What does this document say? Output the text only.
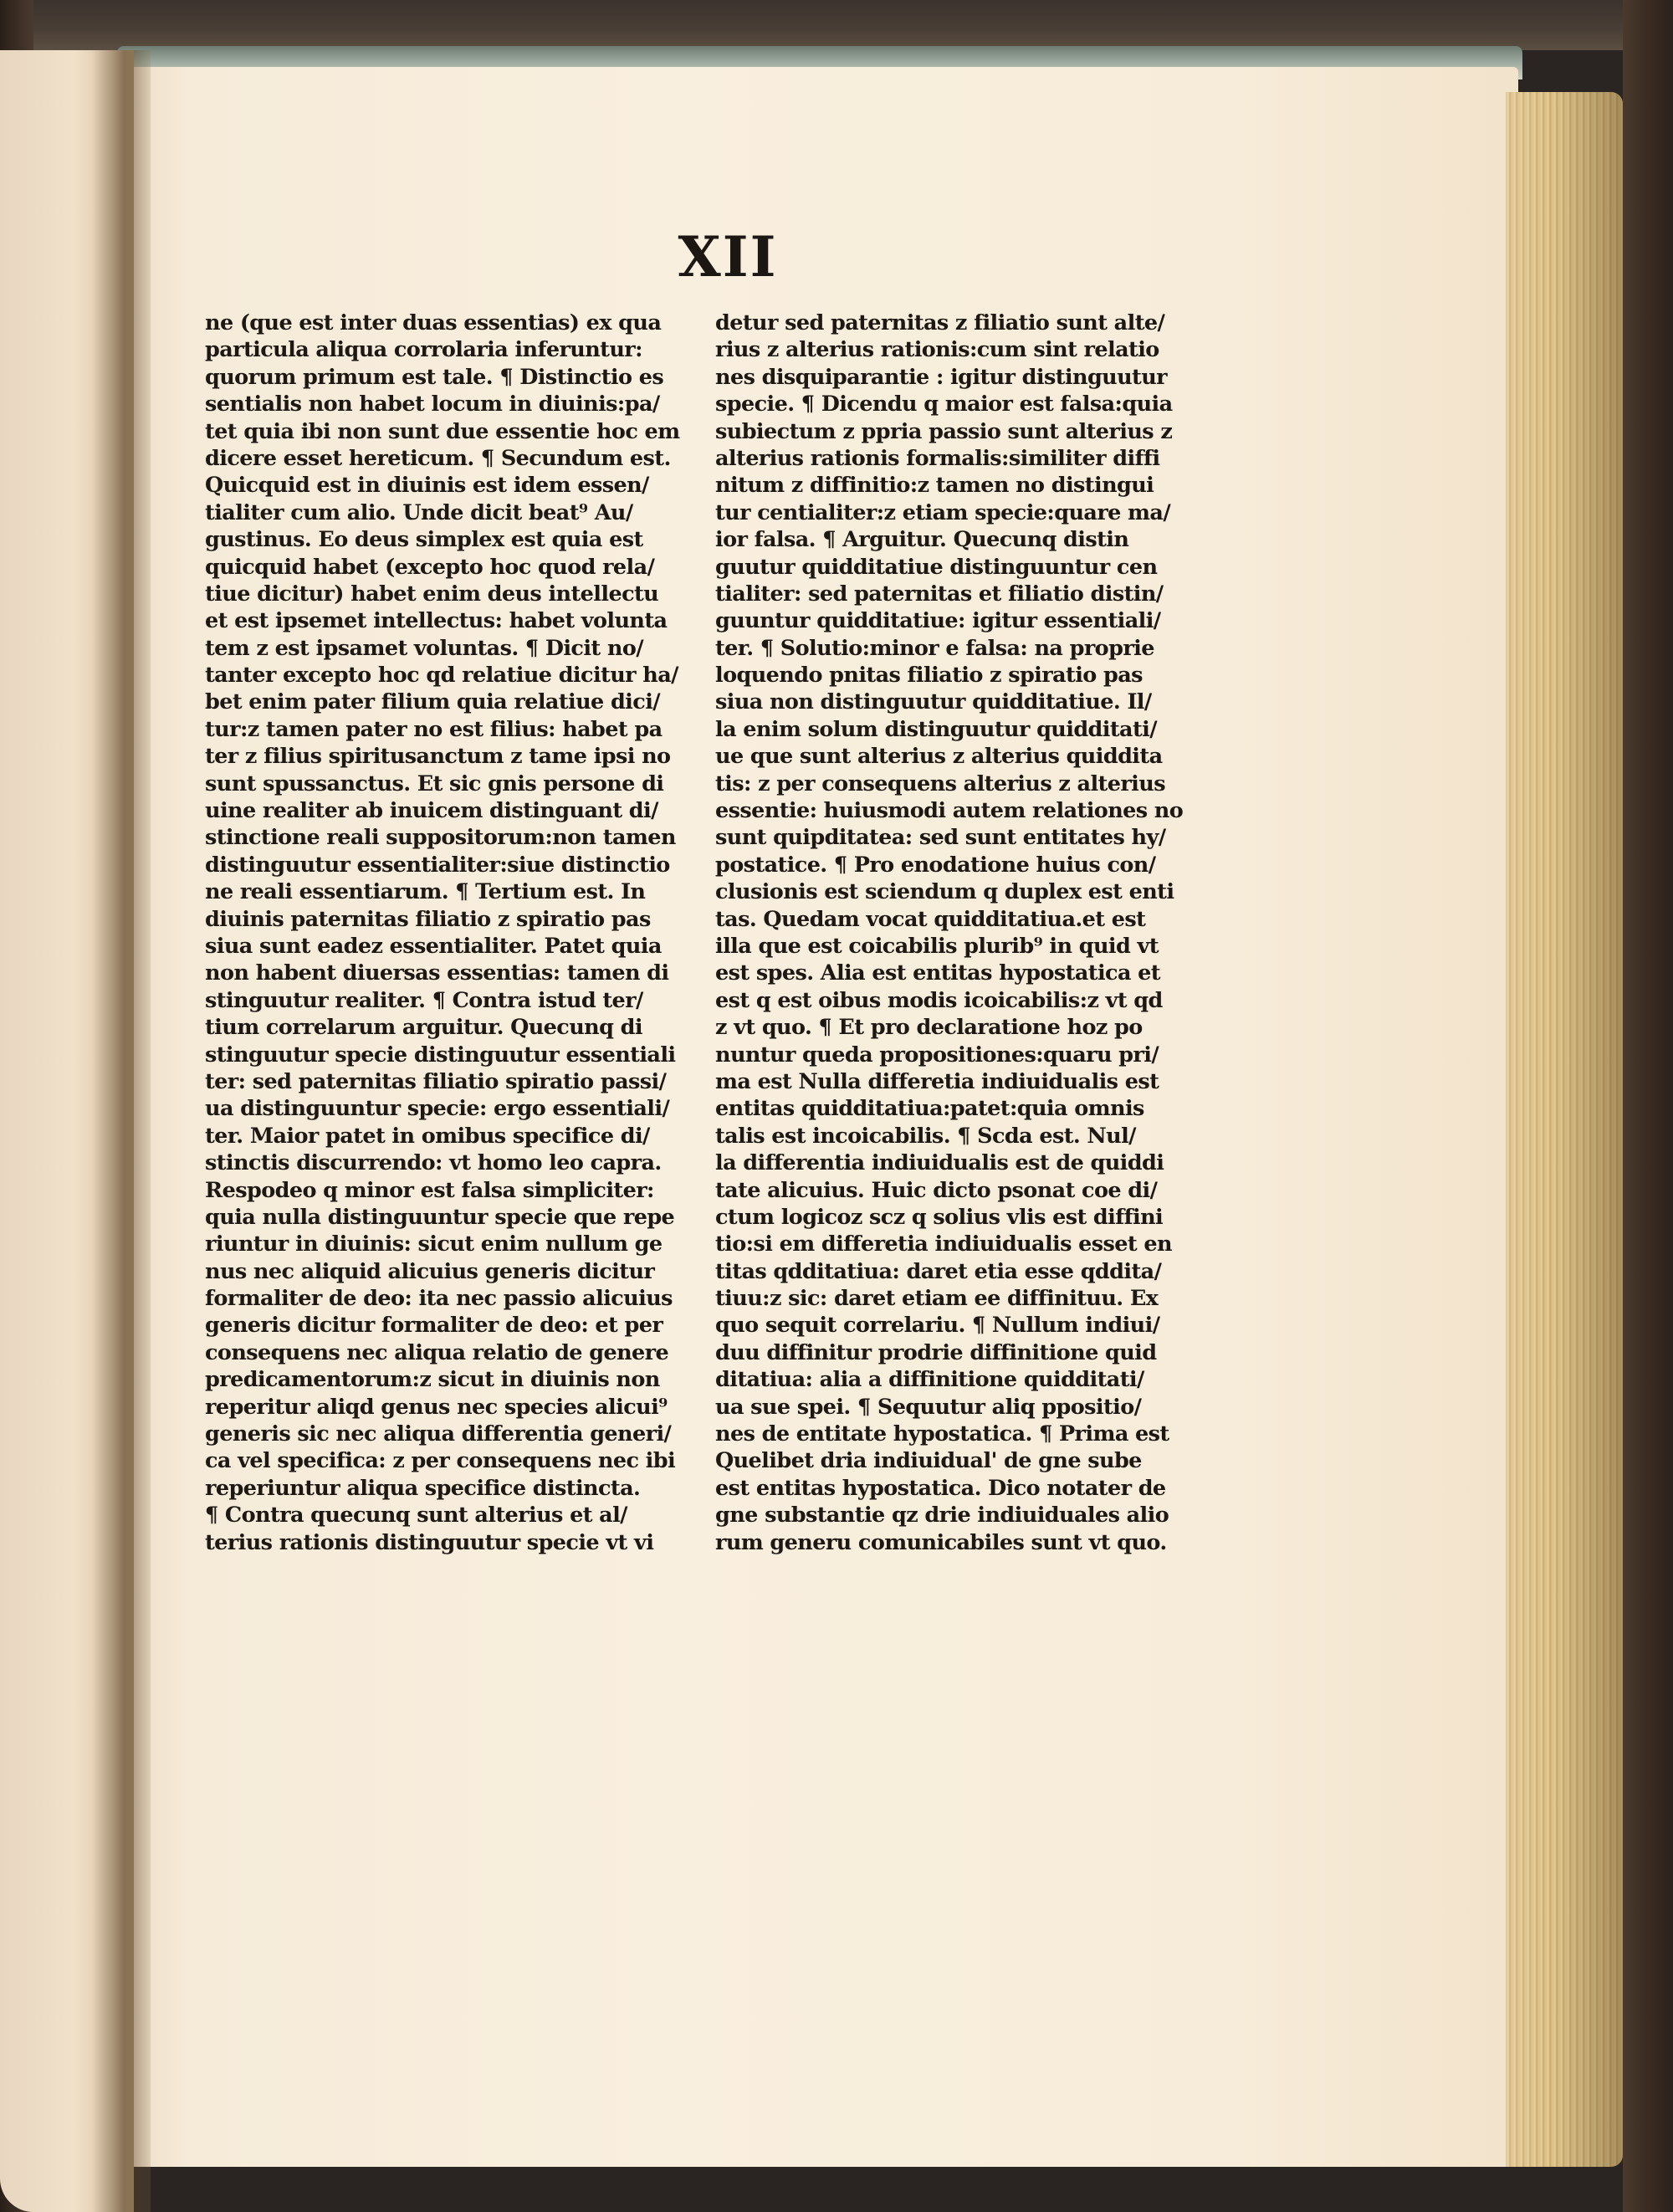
XII
ne (que est inter duas essentias) ex qua
particula aliqua corrolaria inferuntur:
quorum primum est tale. ¶ Distinctio es
sentialis non habet locum in diuinis:pa/
tet quia ibi non sunt due essentie hoc em
dicere esset hereticum. ¶ Secundum est.
Quicquid est in diuinis est idem essen/
tialiter cum alio. Unde dicit beat⁹ Au/
gustinus. Eo deus simplex est quia est
quicquid habet (excepto hoc quod rela/
tiue dicitur) habet enim deus intellectu
et est ipsemet intellectus: habet volunta
tem z est ipsamet voluntas. ¶ Dicit no/
tanter excepto hoc qd relatiue dicitur ha/
bet enim pater filium quia relatiue dici/
tur:z tamen pater no est filius: habet pa
ter z filius spiritusanctum z tame ipsi no
sunt spussanctus. Et sic gnis persone di
uine realiter ab inuicem distinguant di/
stinctione reali suppositorum:non tamen
distinguutur essentialiter:siue distinctio
ne reali essentiarum. ¶ Tertium est. In
diuinis paternitas filiatio z spiratio pas
siua sunt eadez essentialiter. Patet quia
non habent diuersas essentias: tamen di
stinguutur realiter. ¶ Contra istud ter/
tium correlarum arguitur. Quecunq di
stinguutur specie distinguutur essentiali
ter: sed paternitas filiatio spiratio passi/
ua distinguuntur specie: ergo essentiali/
ter. Maior patet in omibus specifice di/
stinctis discurrendo: vt homo leo capra.
Respodeo q minor est falsa simpliciter:
quia nulla distinguuntur specie que repe
riuntur in diuinis: sicut enim nullum ge
nus nec aliquid alicuius generis dicitur
formaliter de deo: ita nec passio alicuius
generis dicitur formaliter de deo: et per
consequens nec aliqua relatio de genere
predicamentorum:z sicut in diuinis non
reperitur aliqd genus nec species alicui⁹
generis sic nec aliqua differentia generi/
ca vel specifica: z per consequens nec ibi
reperiuntur aliqua specifice distincta.
¶ Contra quecunq sunt alterius et al/
terius rationis distinguutur specie vt vi
detur sed paternitas z filiatio sunt alte/
rius z alterius rationis:cum sint relatio
nes disquiparantie : igitur distinguutur
specie. ¶ Dicendu q maior est falsa:quia
subiectum z ppria passio sunt alterius z
alterius rationis formalis:similiter diffi
nitum z diffinitio:z tamen no distingui
tur centialiter:z etiam specie:quare ma/
ior falsa. ¶ Arguitur. Quecunq distin
guutur quidditatiue distinguuntur cen
tialiter: sed paternitas et filiatio distin/
guuntur quidditatiue: igitur essentiali/
ter. ¶ Solutio:minor e falsa: na proprie
loquendo pnitas filiatio z spiratio pas
siua non distinguutur quidditatiue. Il/
la enim solum distinguutur quidditati/
ue que sunt alterius z alterius quiddita
tis: z per consequens alterius z alterius
essentie: huiusmodi autem relationes no
sunt quipditatea: sed sunt entitates hy/
postatice. ¶ Pro enodatione huius con/
clusionis est sciendum q duplex est enti
tas. Quedam vocat quidditatiua.et est
illa que est coicabilis plurib⁹ in quid vt
est spes. Alia est entitas hypostatica et
est q est oibus modis icoicabilis:z vt qd
z vt quo. ¶ Et pro declaratione hoz po
nuntur queda propositiones:quaru pri/
ma est Nulla differetia indiuidualis est
entitas quidditatiua:patet:quia omnis
talis est incoicabilis. ¶ Scda est. Nul/
la differentia indiuidualis est de quiddi
tate alicuius. Huic dicto psonat coe di/
ctum logicoz scz q solius vlis est diffini
tio:si em differetia indiuidualis esset en
titas qdditatiua: daret etia esse qddita/
tiuu:z sic: daret etiam ee diffinituu. Ex
quo sequit correlariu. ¶ Nullum indiui/
duu diffinitur prodrie diffinitione quid
ditatiua: alia a diffinitione quidditati/
ua sue spei. ¶ Sequutur aliq ppositio/
nes de entitate hypostatica. ¶ Prima est
Quelibet dria indiuidual' de gne sube
est entitas hypostatica. Dico notater de
gne substantie qz drie indiuiduales alio
rum generu comunicabiles sunt vt quo.
